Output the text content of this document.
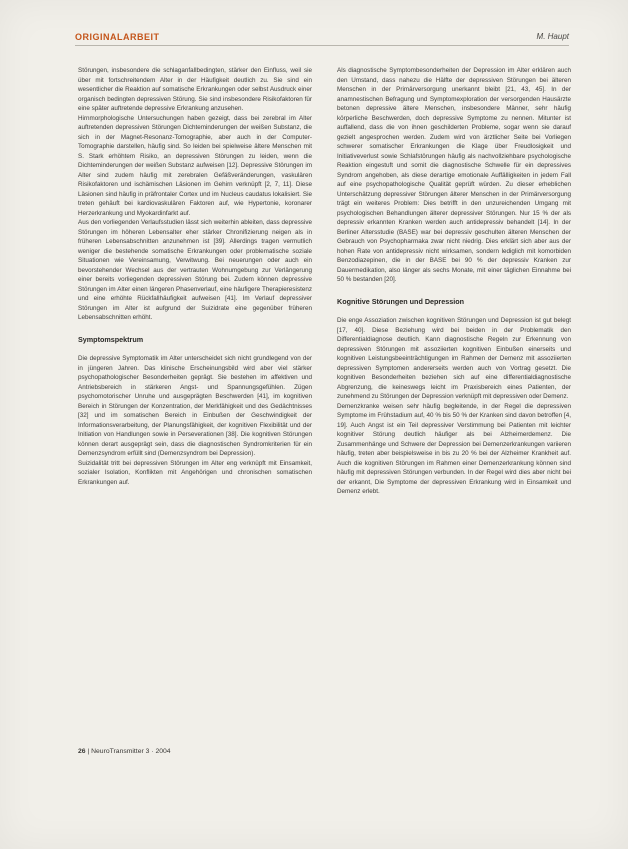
ORIGINALARBEIT	M. Haupt

Störungen, insbesondere die schlaganfallbedingten, stärker den Einfluss, weil sie über mit fortschreitendem Alter in der Häufigkeit deutlich zu. Sie sind ein wesentlicher die Reaktion auf somatische Erkrankungen oder selbst Ausdruck einer organisch bedingten depressiven Störung. Sie sind insbesondere Risikofaktoren für eine später auftretende depressive Erkrankung anzusehen.

Hirnmorphologische Untersuchungen haben gezeigt, dass bei zerebral im Alter auftretenden depressiven Störungen Dichteminderungen der weißen Substanz, die sich in der Magnet-Resonanz-Tomographie, aber auch in der Computer-Tomographie darstellen, häufig sind. So leiden bei spielweise ältere Menschen mit S. Stark erhöhtem Risiko, an depressiven Störungen zu leiden, wenn die Dichteminderungen der weißen Substanz aufweisen [12]. Depressive Störungen im Alter sind zudem häufig mit zerebralen Gefäßveränderungen, vaskulären Risikofaktoren und ischämischen Läsionen im Gehirn verknüpft [2, 7, 11]. Diese Läsionen sind häufig in präfrontaler Cortex und im Nucleus caudatus lokalisiert. Sie treten gehäuft bei kardiovaskulären Faktoren auf, wie Hypertonie, koronarer Herzerkrankung und Myokardinfarkt auf.

Aus den vorliegenden Verlaufsstudien lässt sich weiterhin ableiten, dass depressive Störungen im höheren Lebensalter eher stärker Chronifizierung neigen als in früheren Lebensabschnitten anzunehmen ist [39]. Allerdings tragen vermutlich weniger die bestehende somatische Erkrankungen oder problematische soziale Situationen wie Vereinsamung, Verwitwung. Bei neuerungen oder auch ein bevorstehender Wechsel aus der vertrauten Wohnumgebung zur Verlängerung einer bereits vorliegenden depressiven Störung bei. Zudem können depressive Störungen im Alter einen längeren Phasenverlauf, eine häufigere Therapieresistenz und eine erhöhte Rückfallhäufigkeit aufweisen [41]. Im Verlauf depressiver Störungen im Alter ist aufgrund der Suizidrate eine gegenüber früheren Lebensabschnitten erhöht.

Symptomspektrum

Die depressive Symptomatik im Alter unterscheidet sich nicht grundlegend von der in jüngeren Jahren. Das klinische Erscheinungsbild wird aber viel stärker psychopathologischer Besonderheiten geprägt. Sie bestehen im affektiven und Antriebsbereich in stärkeren Angst- und Spannungsgefühlen. Zügen psychomotorischer Unruhe und ausgeprägten Beschwerden [41], im kognitiven Bereich in Störungen der Konzentration, der Merkfähigkeit und des Gedächtnisses [32] und im somatischen Bereich in Einbußen der Geschwindigkeit der Informationsverarbeitung, der Planungsfähigkeit, der kognitiven Flexibilität und der Initiation von Handlungen sowie in Perseverationen [38]. Die kognitiven Störungen können derart ausgeprägt sein, dass die diagnostischen Syndromkriterien für ein Demenzsyndrom erfüllt sind (Demenzsyndrom bei Depression).

Suizidalität tritt bei depressiven Störungen im Alter eng verknüpft mit Einsamkeit, sozialer Isolation, Konflikten mit Angehörigen und chronischen somatischen Erkrankungen auf.

Als diagnostische Symptombesonderheiten der Depression im Alter erklären auch den Umstand, dass nahezu die Hälfte der depressiven Störungen bei älteren Menschen in der Primärversorgung unerkannt bleibt [21, 43, 45]. In der anamnestischen Befragung und Symptomexploration der versorgenden Hausärzte betonen depressive ältere Menschen, insbesondere Männer, sehr häufig körperliche Beschwerden, doch depressive Symptome zu nennen. Mitunter ist auffallend, dass die von ihnen geschilderten Probleme, sogar wenn sie darauf gezielt angesprochen werden. Zudem wird von ärztlicher Seite bei Vorliegen schwerer somatischer Erkrankungen die Klage über Freudlosigkeit und Initiativeverlust sowie Schlafstörungen häufig als nachvollziehbare psychologische Reaktion eingestuft und somit die diagnostische Schwelle für ein depressives Syndrom angehoben, als diese derartige emotionale Auffälligkeiten in jedem Fall auf eine psychopathologische Qualität geprüft würden. Zu dieser erheblichen Unterschätzung depressiver Störungen älterer Menschen in der Primärversorgung trägt ein weiteres Problem: Dies betrifft in den unzureichenden Umgang mit psychologischen Behandlungen älterer depressiver Störungen. Nur 15 % der als depressiv erkannten Kranken werden auch antidepressiv behandelt [14]. In der Berliner Altersstudie (BASE) war bei depressiv geschulten älteren Menschen der Gebrauch von Psychopharmaka zwar nicht niedrig. Dies erklärt sich aber aus der hohen Rate von antidepressiv nicht wirksamen, sondern lediglich mit komorbiden Benzodiazepinen, die in der BASE bei 90 % der depressiv Kranken zur Dauermedikation, also länger als sechs Monate, mit einer täglichen Einnahme bei 50 % bestanden [20].

Kognitive Störungen und Depression

Die enge Assoziation zwischen kognitiven Störungen und Depression ist gut belegt [17, 40]. Diese Beziehung wird bei beiden in der Problematik den Differentialdiagnose deutlich. Kann diagnostische Regeln zur Erkennung von depressiven Störungen mit assoziierten kognitiven Einbußen einerseits und kognitiven Leistungsbeeinträchtigungen im Rahmen der Demenz mit assoziierten depressiven Symptomen andererseits werden auch von Vortrag gesetzt. Die kognitiven Besonderheiten beziehen sich auf eine differentialdiagnostische Abgrenzung, die keineswegs leicht im Praxisbereich eines Patienten, der zunehmend zu Störungen der Depression verknüpft mit depressiven oder Demenz.

Demenzkranke weisen sehr häufig begleitende, in der Regel die depressiven Symptome im Frühstadium auf, 40 % bis 50 % der Kranken sind davon betroffen [4, 19]. Auch Angst ist ein Teil depressiver Verstimmung bei Patienten mit leichter kognitiver Störung deutlich häufiger als bei Alzheimerdemenz. Die Zusammenhänge und Schwere der Depression bei Demenzerkrankungen variieren häufig, treten aber beispielsweise in bis zu 20 % bei der Alzheimer Krankheit auf. Auch die kognitiven Störungen im Rahmen einer Demenzerkrankung können sind häufig mit depressiven Störungen verbunden. In der Regel wird dies aber nicht bei der erkannt, Die Symptome der depressiven Erkrankung wird in Einsamkeit und Demenz erlebt.

26 | NeuroTransmitter 3 · 2004
